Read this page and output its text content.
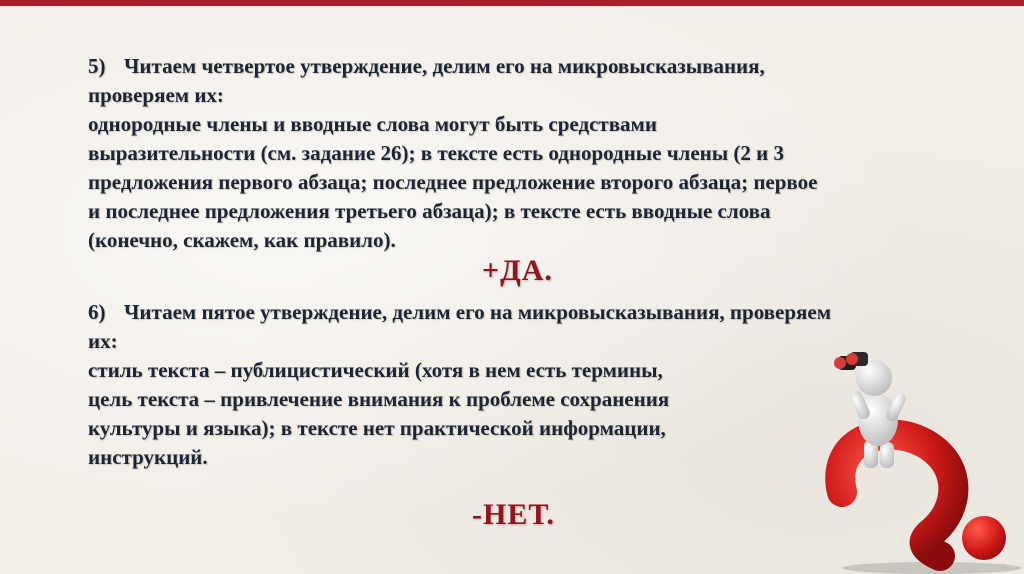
5) Читаем четвертое утверждение, делим его на микровысказывания,
проверяем их:
однородные члены и вводные слова могут быть средствами
выразительности (см. задание 26); в тексте есть однородные члены (2 и 3
предложения первого абзаца; последнее предложение второго абзаца; первое
и последнее предложения третьего абзаца); в тексте есть вводные слова
(конечно, скажем, как правило).
+ДА.
6) Читаем пятое утверждение, делим его на микровысказывания, проверяем
их:
стиль текста – публицистический (хотя в нем есть термины,
цель текста – привлечение внимания к проблеме сохранения
культуры и языка); в тексте нет практической информации,
инструкций.
-НЕТ.
© ...
